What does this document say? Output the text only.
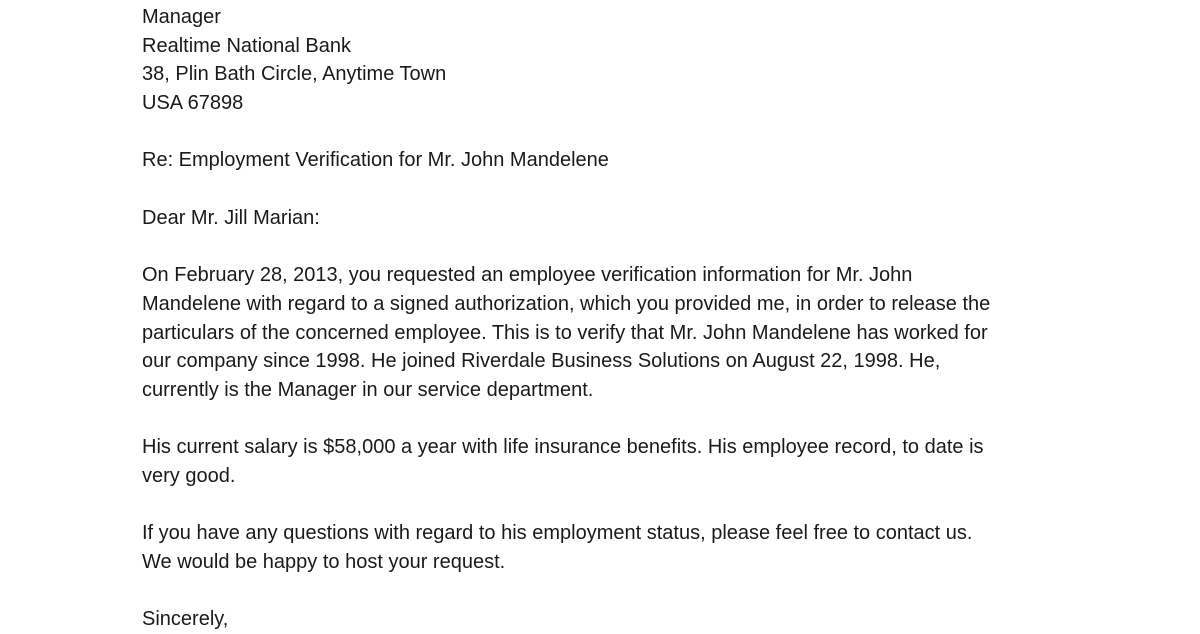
Manager
Realtime National Bank
38, Plin Bath Circle, Anytime Town
USA 67898
Re: Employment Verification for Mr. John Mandelene
Dear Mr. Jill Marian:
On February 28, 2013, you requested an employee verification information for Mr. John
Mandelene with regard to a signed authorization, which you provided me, in order to release the
particulars of the concerned employee. This is to verify that Mr. John Mandelene has worked for
our company since 1998. He joined Riverdale Business Solutions on August 22, 1998. He,
currently is the Manager in our service department.
His current salary is $58,000 a year with life insurance benefits. His employee record, to date is
very good.
If you have any questions with regard to his employment status, please feel free to contact us.
We would be happy to host your request.
Sincerely,
